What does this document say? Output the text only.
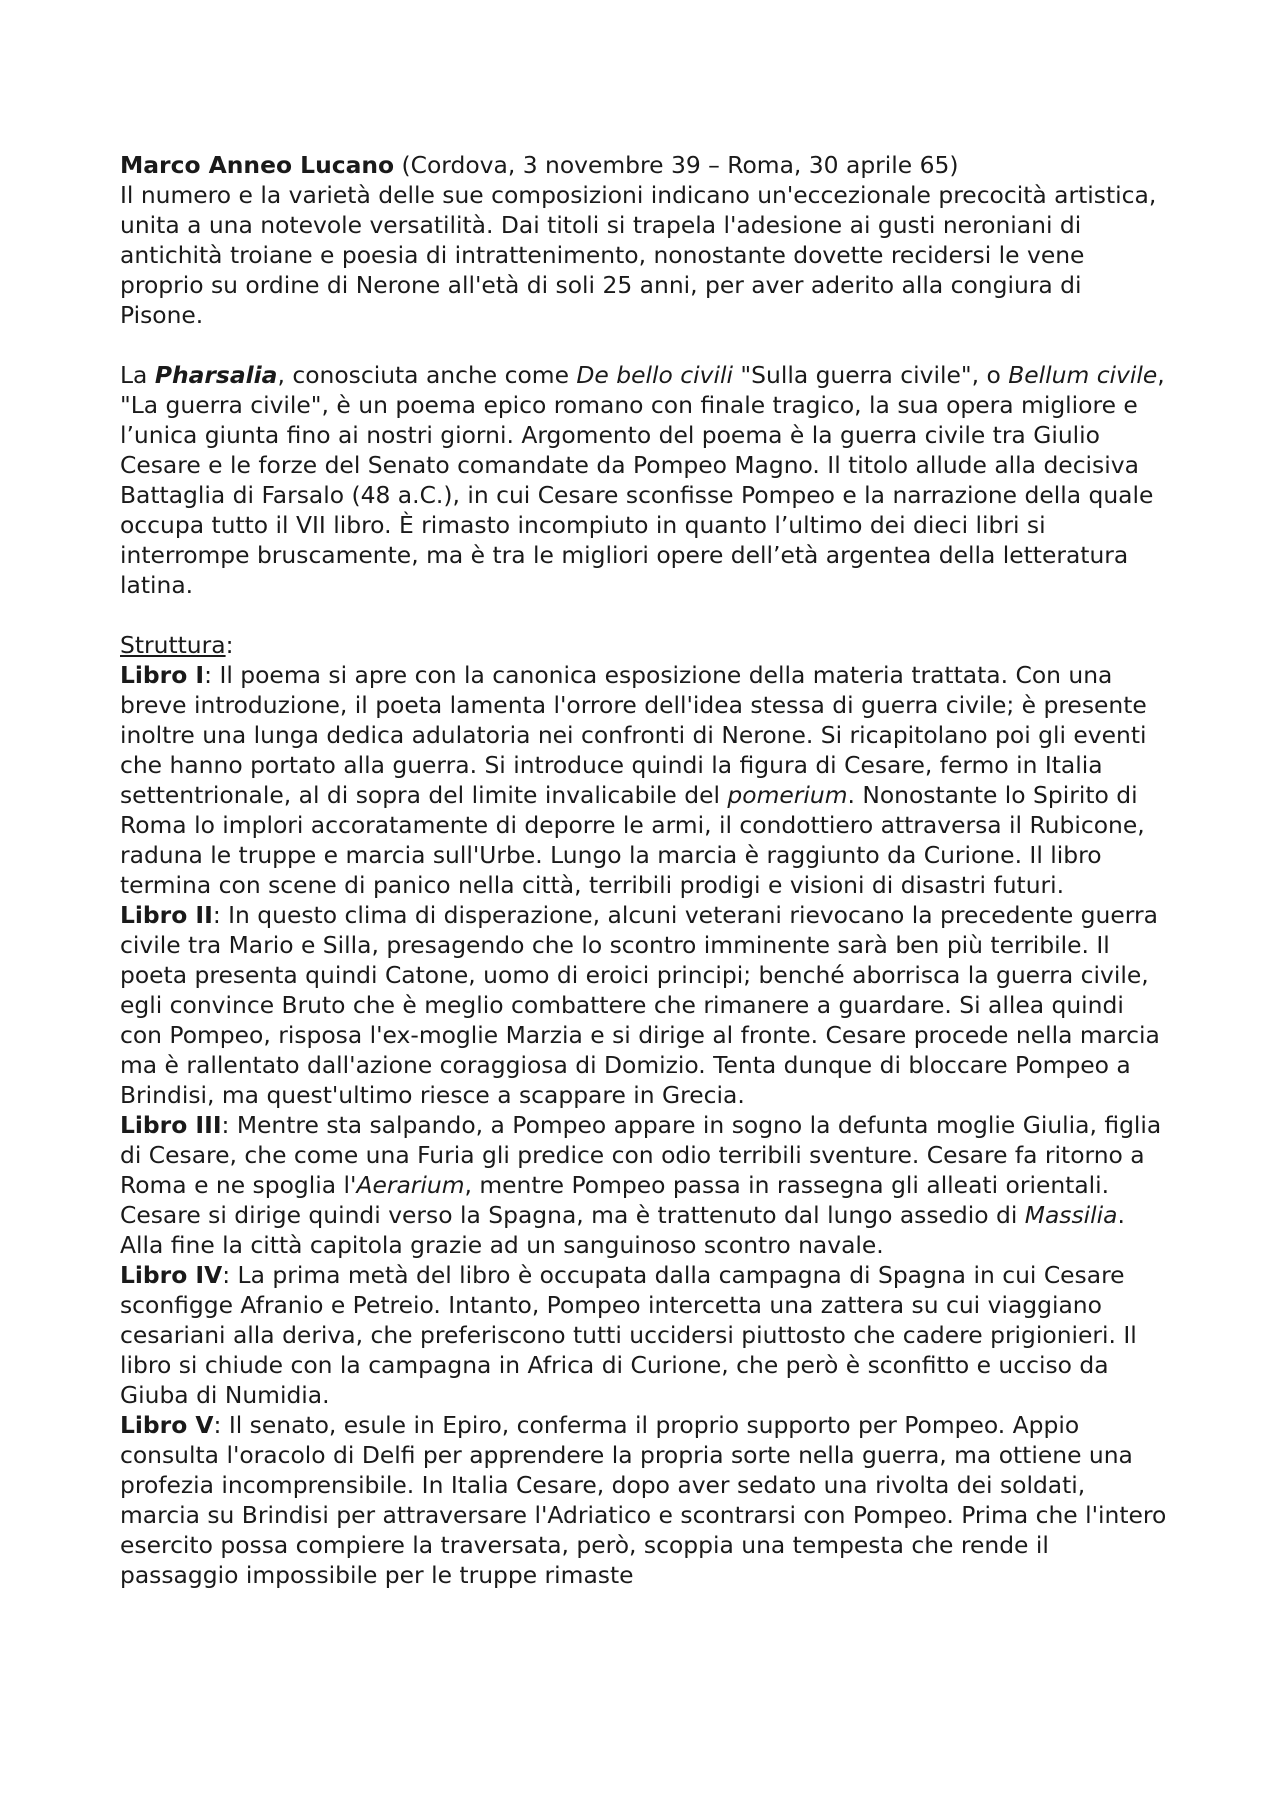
Marco Anneo Lucano (Cordova, 3 novembre 39 – Roma, 30 aprile 65)

Il numero e la varietà delle sue composizioni indicano un'eccezionale precocità artistica, unita a una notevole versatilità. Dai titoli si trapela l'adesione ai gusti neroniani di antichità troiane e poesia di intrattenimento, nonostante dovette recidersi le vene proprio su ordine di Nerone all'età di soli 25 anni, per aver aderito alla congiura di Pisone.

La Pharsalia, conosciuta anche come De bello civili "Sulla guerra civile", o Bellum civile, "La guerra civile", è un poema epico romano con finale tragico, la sua opera migliore e l’unica giunta fino ai nostri giorni. Argomento del poema è la guerra civile tra Giulio Cesare e le forze del Senato comandate da Pompeo Magno. Il titolo allude alla decisiva Battaglia di Farsalo (48 a.C.), in cui Cesare sconfisse Pompeo e la narrazione della quale occupa tutto il VII libro. È rimasto incompiuto in quanto l’ultimo dei dieci libri si interrompe bruscamente, ma è tra le migliori opere dell’età argentea della letteratura latina.

Struttura:

Libro I: Il poema si apre con la canonica esposizione della materia trattata. Con una breve introduzione, il poeta lamenta l'orrore dell'idea stessa di guerra civile; è presente inoltre una lunga dedica adulatoria nei confronti di Nerone. Si ricapitolano poi gli eventi che hanno portato alla guerra. Si introduce quindi la figura di Cesare, fermo in Italia settentrionale, al di sopra del limite invalicabile del pomerium. Nonostante lo Spirito di Roma lo implori accoratamente di deporre le armi, il condottiero attraversa il Rubicone, raduna le truppe e marcia sull'Urbe. Lungo la marcia è raggiunto da Curione. Il libro termina con scene di panico nella città, terribili prodigi e visioni di disastri futuri.

Libro II: In questo clima di disperazione, alcuni veterani rievocano la precedente guerra civile tra Mario e Silla, presagendo che lo scontro imminente sarà ben più terribile. Il poeta presenta quindi Catone, uomo di eroici principi; benché aborrisca la guerra civile, egli convince Bruto che è meglio combattere che rimanere a guardare. Si allea quindi con Pompeo, risposa l'ex-moglie Marzia e si dirige al fronte. Cesare procede nella marcia ma è rallentato dall'azione coraggiosa di Domizio. Tenta dunque di bloccare Pompeo a Brindisi, ma quest'ultimo riesce a scappare in Grecia.

Libro III: Mentre sta salpando, a Pompeo appare in sogno la defunta moglie Giulia, figlia di Cesare, che come una Furia gli predice con odio terribili sventure. Cesare fa ritorno a Roma e ne spoglia l'Aerarium, mentre Pompeo passa in rassegna gli alleati orientali. Cesare si dirige quindi verso la Spagna, ma è trattenuto dal lungo assedio di Massilia. Alla fine la città capitola grazie ad un sanguinoso scontro navale.

Libro IV: La prima metà del libro è occupata dalla campagna di Spagna in cui Cesare sconfigge Afranio e Petreio. Intanto, Pompeo intercetta una zattera su cui viaggiano cesariani alla deriva, che preferiscono tutti uccidersi piuttosto che cadere prigionieri. Il libro si chiude con la campagna in Africa di Curione, che però è sconfitto e ucciso da Giuba di Numidia.

Libro V: Il senato, esule in Epiro, conferma il proprio supporto per Pompeo. Appio consulta l'oracolo di Delfi per apprendere la propria sorte nella guerra, ma ottiene una profezia incomprensibile. In Italia Cesare, dopo aver sedato una rivolta dei soldati, marcia su Brindisi per attraversare l'Adriatico e scontrarsi con Pompeo. Prima che l'intero esercito possa compiere la traversata, però, scoppia una tempesta che rende il passaggio impossibile per le truppe rimaste
